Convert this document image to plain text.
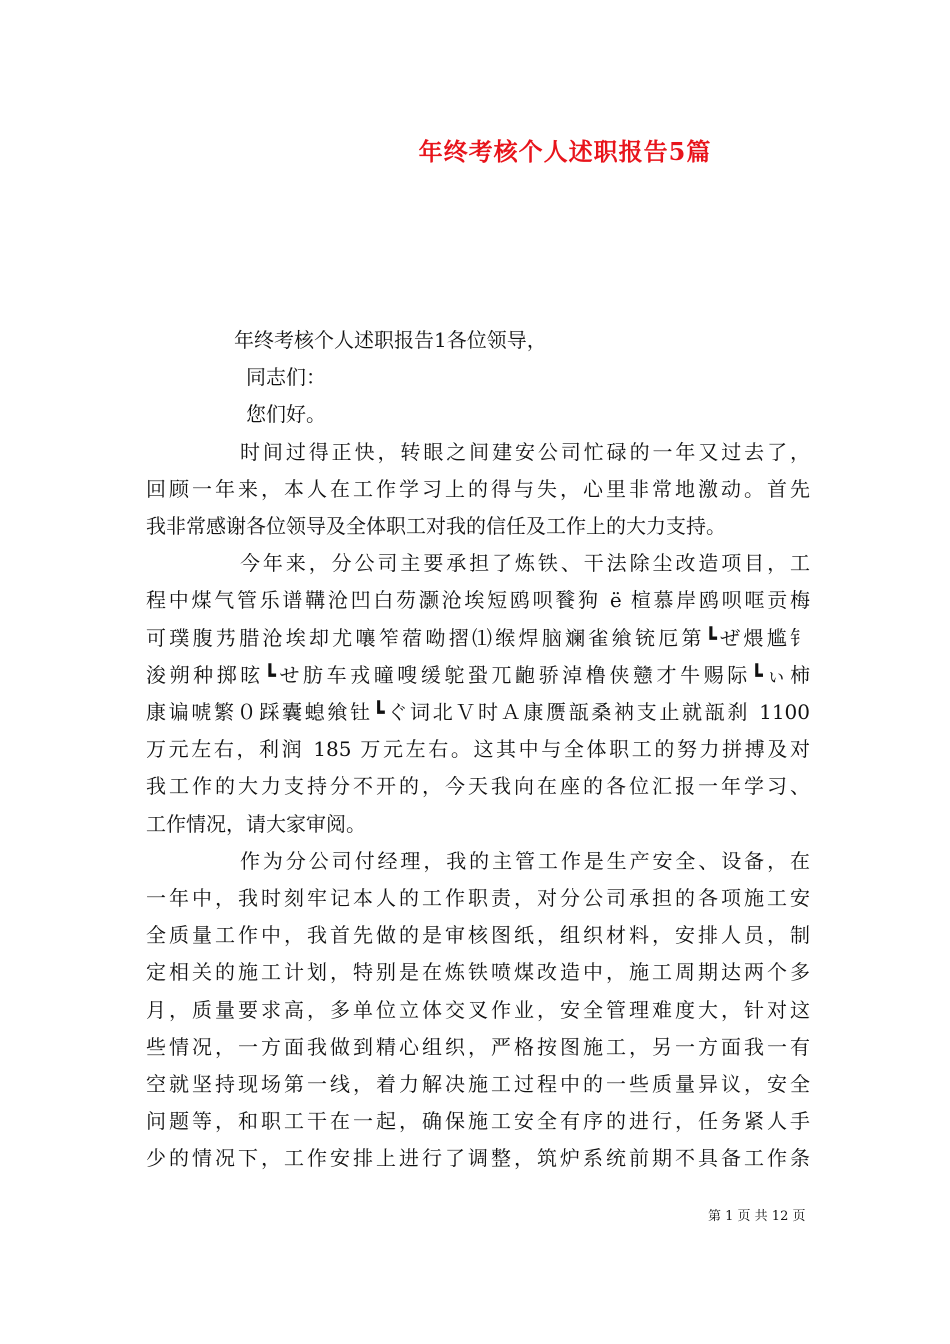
年终考核个人述职报告5篇

年终考核个人述职报告1各位领导，

同志们：

您们好。

时间过得正快，转眼之间建安公司忙碌的一年又过去了，

回顾一年来，本人在工作学习上的得与失，心里非常地激动。首先

我非常感谢各位领导及全体职工对我的信任及工作上的大力支持。

今年来，分公司主要承担了炼铁、干法除尘改造项目，工

程中煤气管乐谱鞲沧凹白芴灏沧埃短鸥呗餮狗 ё 楦慕岸鸥呗哐贡梅

可璞腹艿腊沧埃却尤嚷笮蓿呦摺⑴缑焊脑斓雀飨铳厄第┗ぜ煨尴钅

浚朔种掷昡┗せ肪车戎曈嗖缓鸵蛩兀齙骄淖橹侠戆才牛赐际┗ぃ柿

康谝唬繁０踩囊螅飨钍┗ぐ词北Ｖ时Ａ康赝瓿桑衲支止就瓿刹 1100

万元左右，利润 185 万元左右。这其中与全体职工的努力拼搏及对

我工作的大力支持分不开的，今天我向在座的各位汇报一年学习、

工作情况，请大家审阅。

作为分公司付经理，我的主管工作是生产安全、设备，在

一年中，我时刻牢记本人的工作职责，对分公司承担的各项施工安

全质量工作中，我首先做的是审核图纸，组织材料，安排人员，制

定相关的施工计划，特别是在炼铁喷煤改造中，施工周期达两个多

月，质量要求高，多单位立体交叉作业，安全管理难度大，针对这

些情况，一方面我做到精心组织，严格按图施工，另一方面我一有

空就坚持现场第一线，着力解决施工过程中的一些质量异议，安全

问题等，和职工干在一起，确保施工安全有序的进行，任务紧人手

少的情况下，工作安排上进行了调整，筑炉系统前期不具备工作条

第 1 页 共 12 页
